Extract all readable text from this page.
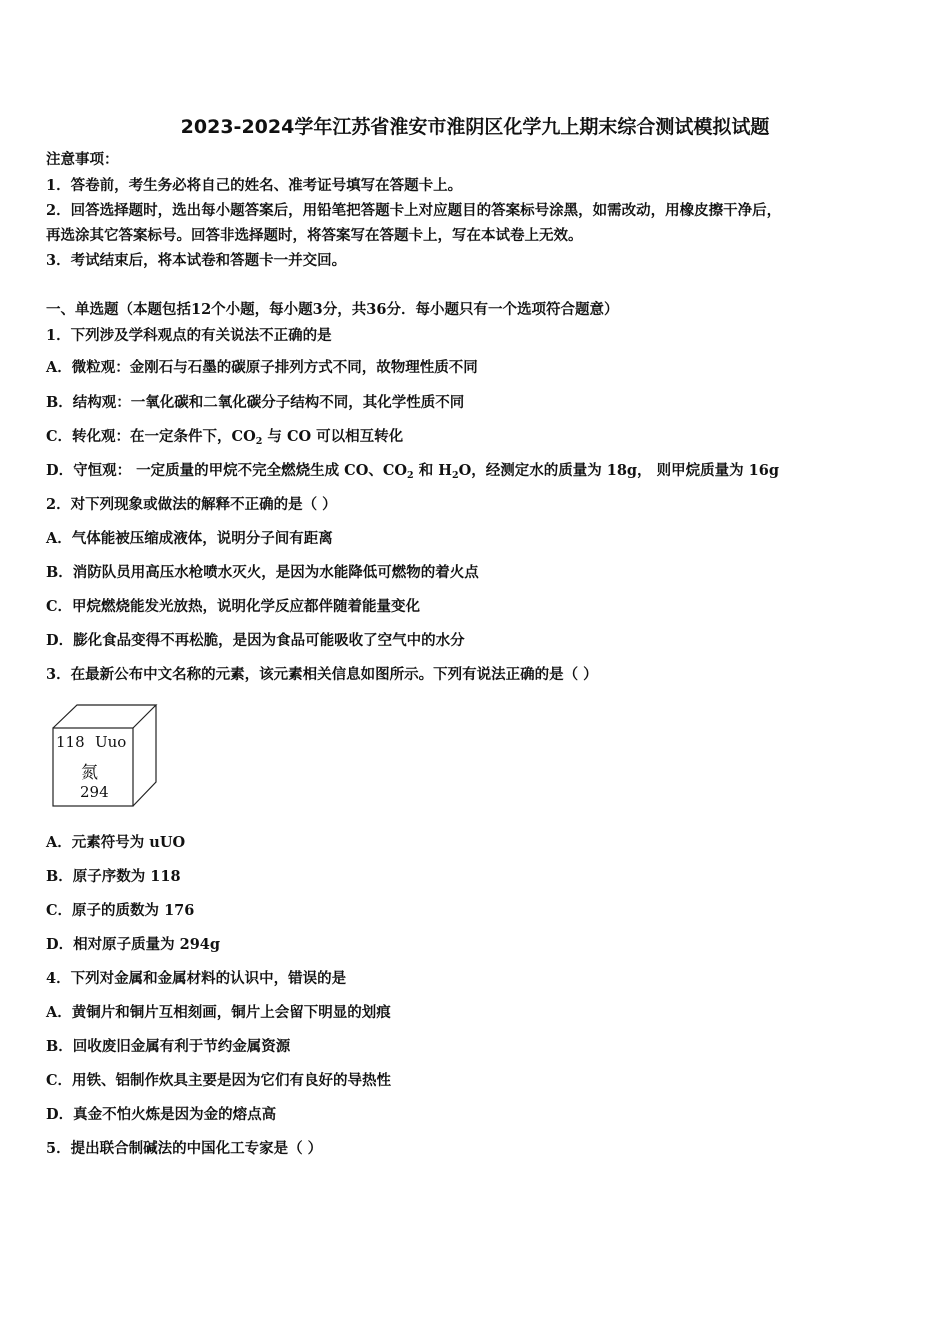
2023-2024学年江苏省淮安市淮阴区化学九上期末综合测试模拟试题
注意事项：
1．答卷前，考生务必将自己的姓名、准考证号填写在答题卡上。
2．回答选择题时，选出每小题答案后，用铅笔把答题卡上对应题目的答案标号涂黑，如需改动，用橡皮擦干净后，
再选涂其它答案标号。回答非选择题时，将答案写在答题卡上，写在本试卷上无效。
3．考试结束后，将本试卷和答题卡一并交回。
一、单选题（本题包括12个小题，每小题3分，共36分．每小题只有一个选项符合题意）
1．下列涉及学科观点的有关说法不正确的是
A．微粒观：金刚石与石墨的碳原子排列方式不同，故物理性质不同
B．结构观：一氧化碳和二氧化碳分子结构不同，其化学性质不同
C．转化观：在一定条件下，$CO_2$ 与 CO 可以相互转化
D．守恒观： 一定质量的甲烷不完全燃烧生成 CO、$CO_2$ 和 $H_2O$，经测定水的质量为 18g， 则甲烷质量为 16g
2．对下列现象或做法的解释不正确的是（ ）
A．气体能被压缩成液体，说明分子间有距离
B．消防队员用高压水枪喷水灭火，是因为水能降低可燃物的着火点
C．甲烷燃烧能发光放热，说明化学反应都伴随着能量变化
D．膨化食品变得不再松脆，是因为食品可能吸收了空气中的水分
3．在最新公布中文名称的元素，该元素相关信息如图所示。下列有说法正确的是（ ）
118 Uuo
氮
294
A．元素符号为 uUO
B．原子序数为 118
C．原子的质数为 176
D．相对原子质量为 294g
4．下列对金属和金属材料的认识中，错误的是
A．黄铜片和铜片互相刻画，铜片上会留下明显的划痕
B．回收废旧金属有利于节约金属资源
C．用铁、铝制作炊具主要是因为它们有良好的导热性
D．真金不怕火炼是因为金的熔点高
5．提出联合制碱法的中国化工专家是（ ）
